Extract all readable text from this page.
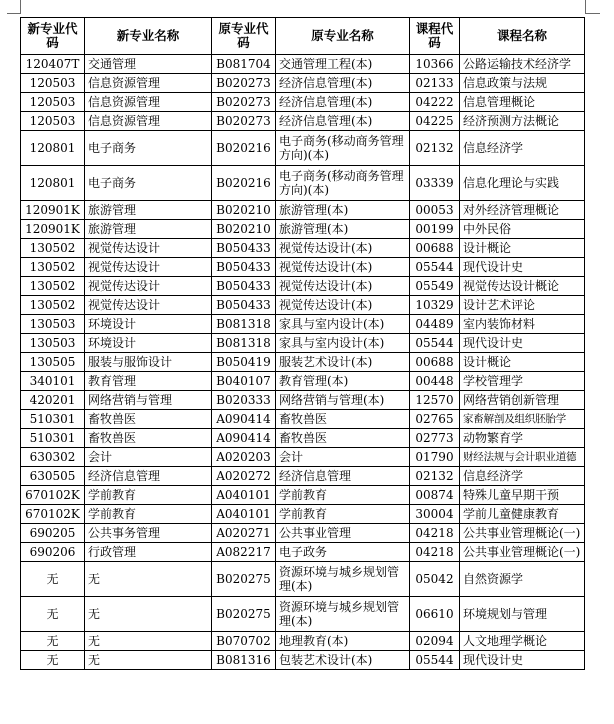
新专业代码	新专业名称	原专业代码	原专业名称	课程代码	课程名称
120407T	交通管理	B081704	交通管理工程(本)	10366	公路运输技术经济学
120503	信息资源管理	B020273	经济信息管理(本)	02133	信息政策与法规
120503	信息资源管理	B020273	经济信息管理(本)	04222	信息管理概论
120503	信息资源管理	B020273	经济信息管理(本)	04225	经济预测方法概论
120801	电子商务	B020216	电子商务(移动商务管理方向)(本)	02132	信息经济学
120801	电子商务	B020216	电子商务(移动商务管理方向)(本)	03339	信息化理论与实践
120901K	旅游管理	B020210	旅游管理(本)	00053	对外经济管理概论
120901K	旅游管理	B020210	旅游管理(本)	00199	中外民俗
130502	视觉传达设计	B050433	视觉传达设计(本)	00688	设计概论
130502	视觉传达设计	B050433	视觉传达设计(本)	05544	现代设计史
130502	视觉传达设计	B050433	视觉传达设计(本)	05549	视觉传达设计概论
130502	视觉传达设计	B050433	视觉传达设计(本)	10329	设计艺术评论
130503	环境设计	B081318	家具与室内设计(本)	04489	室内装饰材料
130503	环境设计	B081318	家具与室内设计(本)	05544	现代设计史
130505	服装与服饰设计	B050419	服装艺术设计(本)	00688	设计概论
340101	教育管理	B040107	教育管理(本)	00448	学校管理学
420201	网络营销与管理	B020333	网络营销与管理(本)	12570	网络营销创新管理
510301	畜牧兽医	A090414	畜牧兽医	02765	家畜解剖及组织胚胎学
510301	畜牧兽医	A090414	畜牧兽医	02773	动物繁育学
630302	会计	A020203	会计	01790	财经法规与会计职业道德
630505	经济信息管理	A020272	经济信息管理	02132	信息经济学
670102K	学前教育	A040101	学前教育	00874	特殊儿童早期干预
670102K	学前教育	A040101	学前教育	30004	学前儿童健康教育
690205	公共事务管理	A020271	公共事业管理	04218	公共事业管理概论(一)
690206	行政管理	A082217	电子政务	04218	公共事业管理概论(一)
无	无	B020275	资源环境与城乡规划管理(本)	05042	自然资源学
无	无	B020275	资源环境与城乡规划管理(本)	06610	环境规划与管理
无	无	B070702	地理教育(本)	02094	人文地理学概论
无	无	B081316	包装艺术设计(本)	05544	现代设计史
